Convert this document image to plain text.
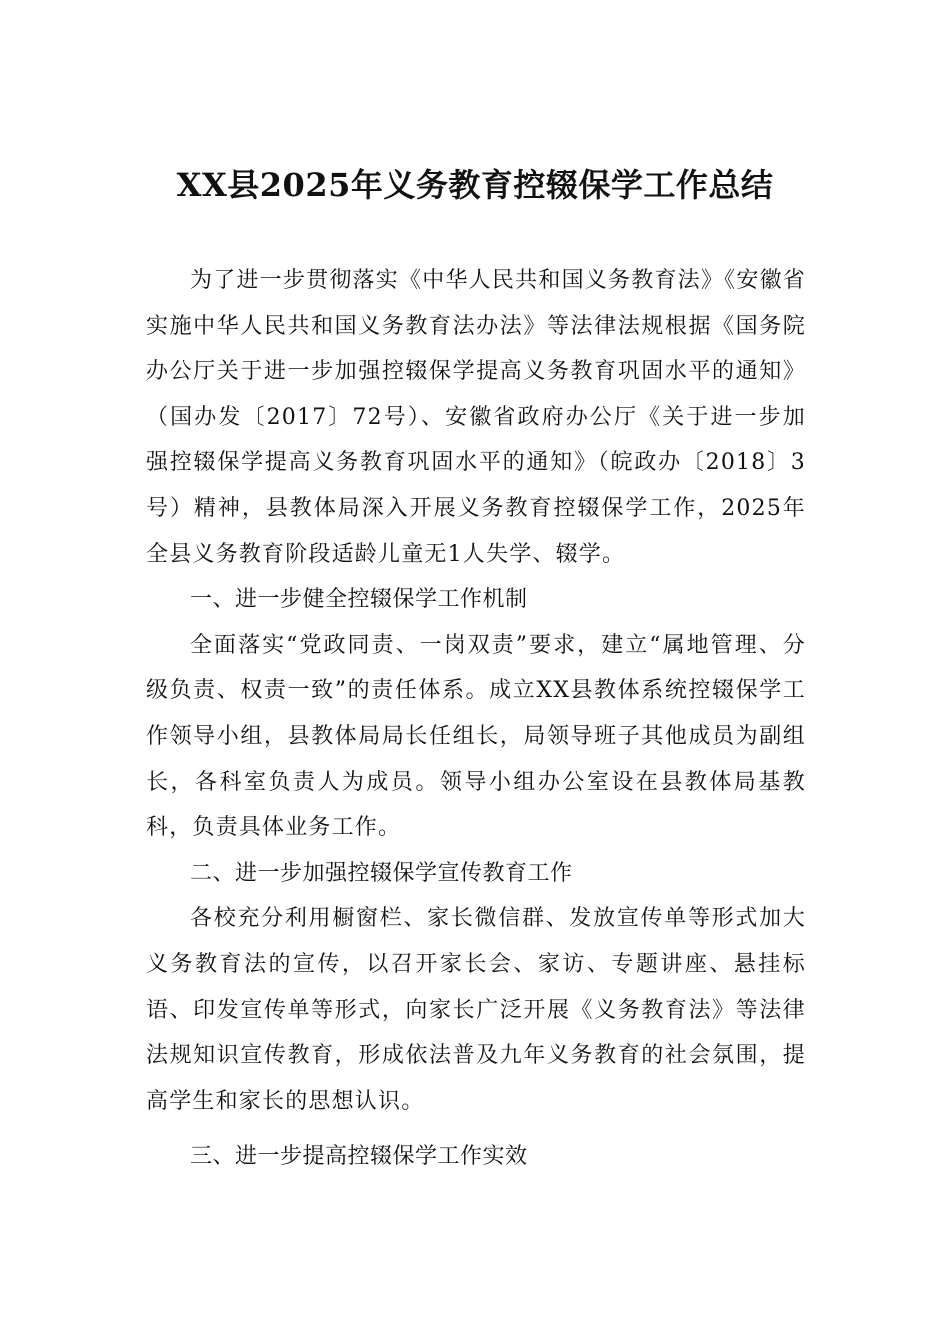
XX县2025年义务教育控辍保学工作总结

为了进一步贯彻落实《中华人民共和国义务教育法》《安徽省实施中华人民共和国义务教育法办法》等法律法规根据《国务院办公厅关于进一步加强控辍保学提高义务教育巩固水平的通知》（国办发〔2017〕72号）、安徽省政府办公厅《关于进一步加强控辍保学提高义务教育巩固水平的通知》（皖政办〔2018〕3号）精神，县教体局深入开展义务教育控辍保学工作，2025年全县义务教育阶段适龄儿童无1人失学、辍学。

一、进一步健全控辍保学工作机制

全面落实“党政同责、一岗双责”要求，建立“属地管理、分级负责、权责一致”的责任体系。成立XX县教体系统控辍保学工作领导小组，县教体局局长任组长，局领导班子其他成员为副组长，各科室负责人为成员。领导小组办公室设在县教体局基教科，负责具体业务工作。

二、进一步加强控辍保学宣传教育工作

各校充分利用橱窗栏、家长微信群、发放宣传单等形式加大义务教育法的宣传，以召开家长会、家访、专题讲座、悬挂标语、印发宣传单等形式，向家长广泛开展《义务教育法》等法律法规知识宣传教育，形成依法普及九年义务教育的社会氛围，提高学生和家长的思想认识。

三、进一步提高控辍保学工作实效
